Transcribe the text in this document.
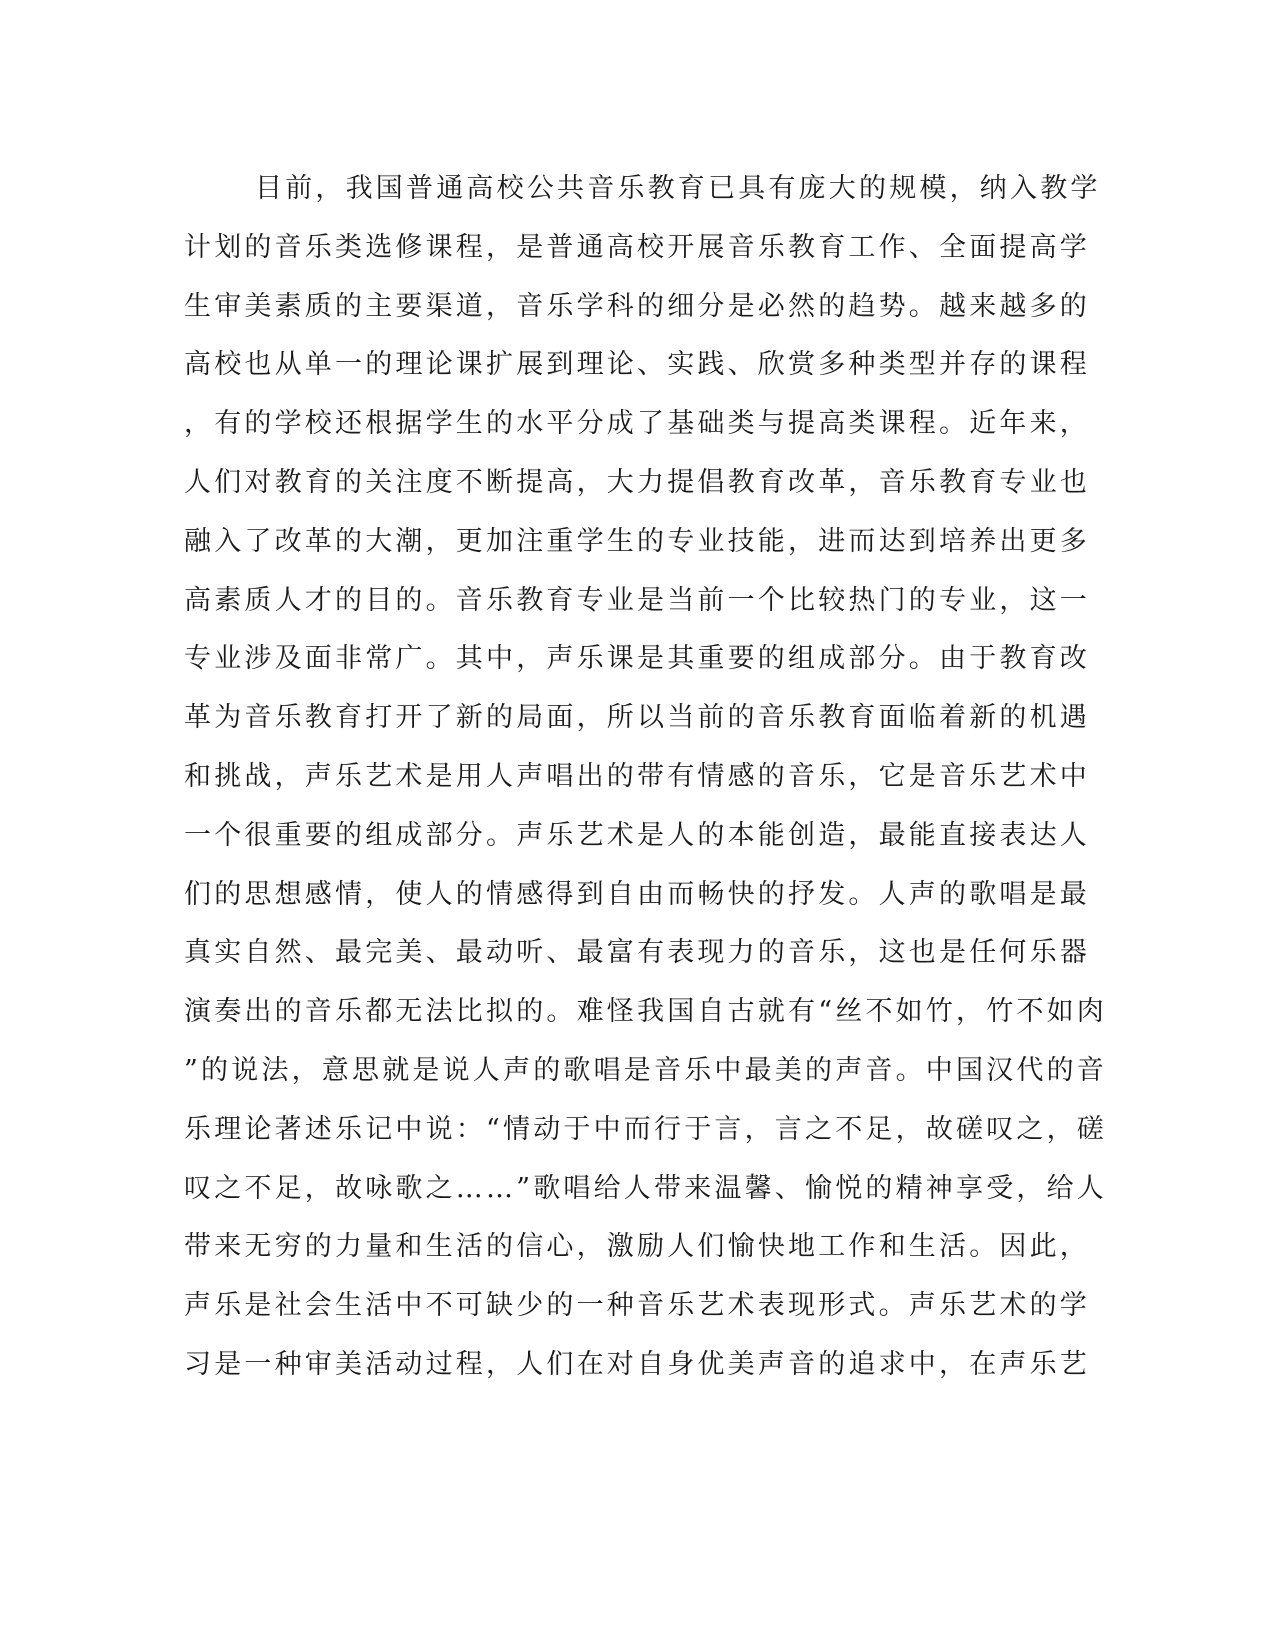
目前，我国普通高校公共音乐教育已具有庞大的规模，纳入教学
计划的音乐类选修课程，是普通高校开展音乐教育工作、全面提高学
生审美素质的主要渠道，音乐学科的细分是必然的趋势。越来越多的
高校也从单一的理论课扩展到理论、实践、欣赏多种类型并存的课程
，有的学校还根据学生的水平分成了基础类与提高类课程。近年来，
人们对教育的关注度不断提高，大力提倡教育改革，音乐教育专业也
融入了改革的大潮，更加注重学生的专业技能，进而达到培养出更多
高素质人才的目的。音乐教育专业是当前一个比较热门的专业，这一
专业涉及面非常广。其中，声乐课是其重要的组成部分。由于教育改
革为音乐教育打开了新的局面，所以当前的音乐教育面临着新的机遇
和挑战，声乐艺术是用人声唱出的带有情感的音乐，它是音乐艺术中
一个很重要的组成部分。声乐艺术是人的本能创造，最能直接表达人
们的思想感情，使人的情感得到自由而畅快的抒发。人声的歌唱是最
真实自然、最完美、最动听、最富有表现力的音乐，这也是任何乐器
演奏出的音乐都无法比拟的。难怪我国自古就有“丝不如竹，竹不如肉
”的说法，意思就是说人声的歌唱是音乐中最美的声音。中国汉代的音
乐理论著述乐记中说：“情动于中而行于言，言之不足，故磋叹之，磋
叹之不足，故咏歌之……”歌唱给人带来温馨、愉悦的精神享受，给人
带来无穷的力量和生活的信心，激励人们愉快地工作和生活。因此，
声乐是社会生活中不可缺少的一种音乐艺术表现形式。声乐艺术的学
习是一种审美活动过程，人们在对自身优美声音的追求中，在声乐艺
